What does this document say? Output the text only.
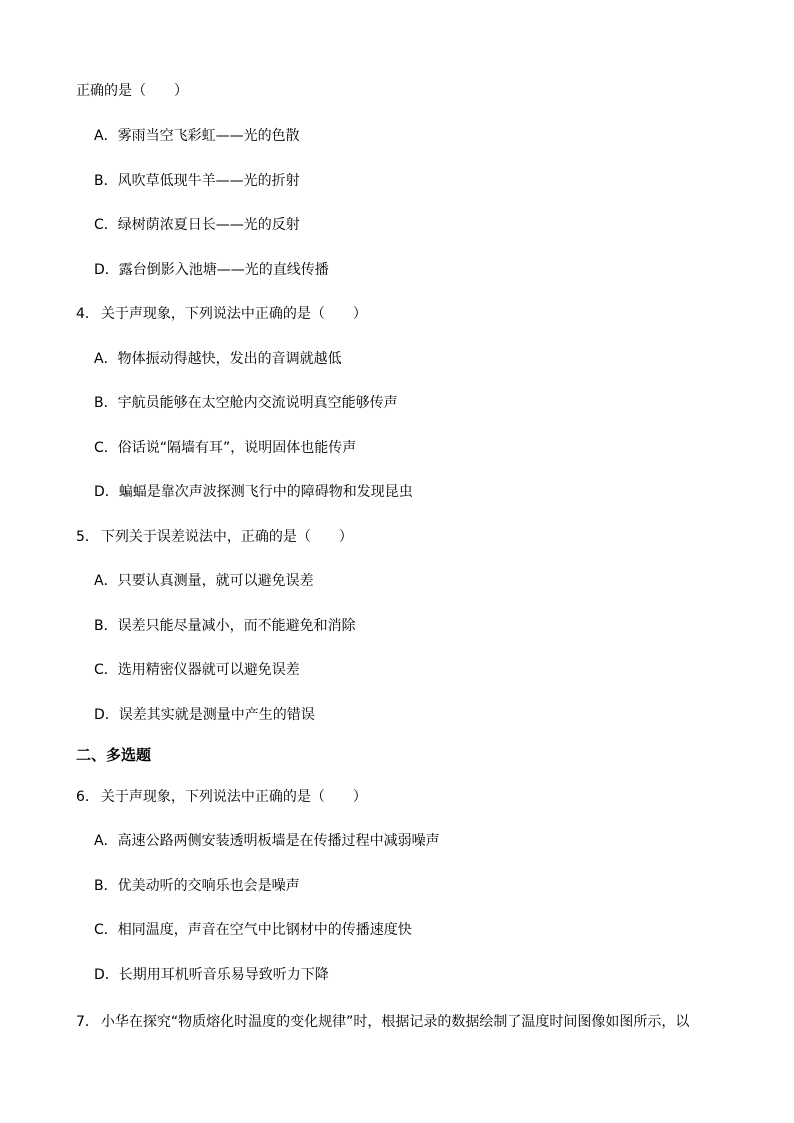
正确的是（　　）
A．雾雨当空飞彩虹——光的色散
B．风吹草低现牛羊——光的折射
C．绿树荫浓夏日长——光的反射
D．露台倒影入池塘——光的直线传播
4． 关于声现象，下列说法中正确的是（　　）
A．物体振动得越快，发出的音调就越低
B．宇航员能够在太空舱内交流说明真空能够传声
C．俗话说“隔墙有耳”，说明固体也能传声
D．蝙蝠是靠次声波探测飞行中的障碍物和发现昆虫
5． 下列关于误差说法中，正确的是（　　）
A．只要认真测量，就可以避免误差
B．误差只能尽量减小，而不能避免和消除
C．选用精密仪器就可以避免误差
D．误差其实就是测量中产生的错误
二、多选题
6． 关于声现象，下列说法中正确的是（　　）
A．高速公路两侧安装透明板墙是在传播过程中减弱噪声
B．优美动听的交响乐也会是噪声
C．相同温度，声音在空气中比钢材中的传播速度快
D．长期用耳机听音乐易导致听力下降
7． 小华在探究“物质熔化时温度的变化规律”时，根据记录的数据绘制了温度时间图像如图所示，以
